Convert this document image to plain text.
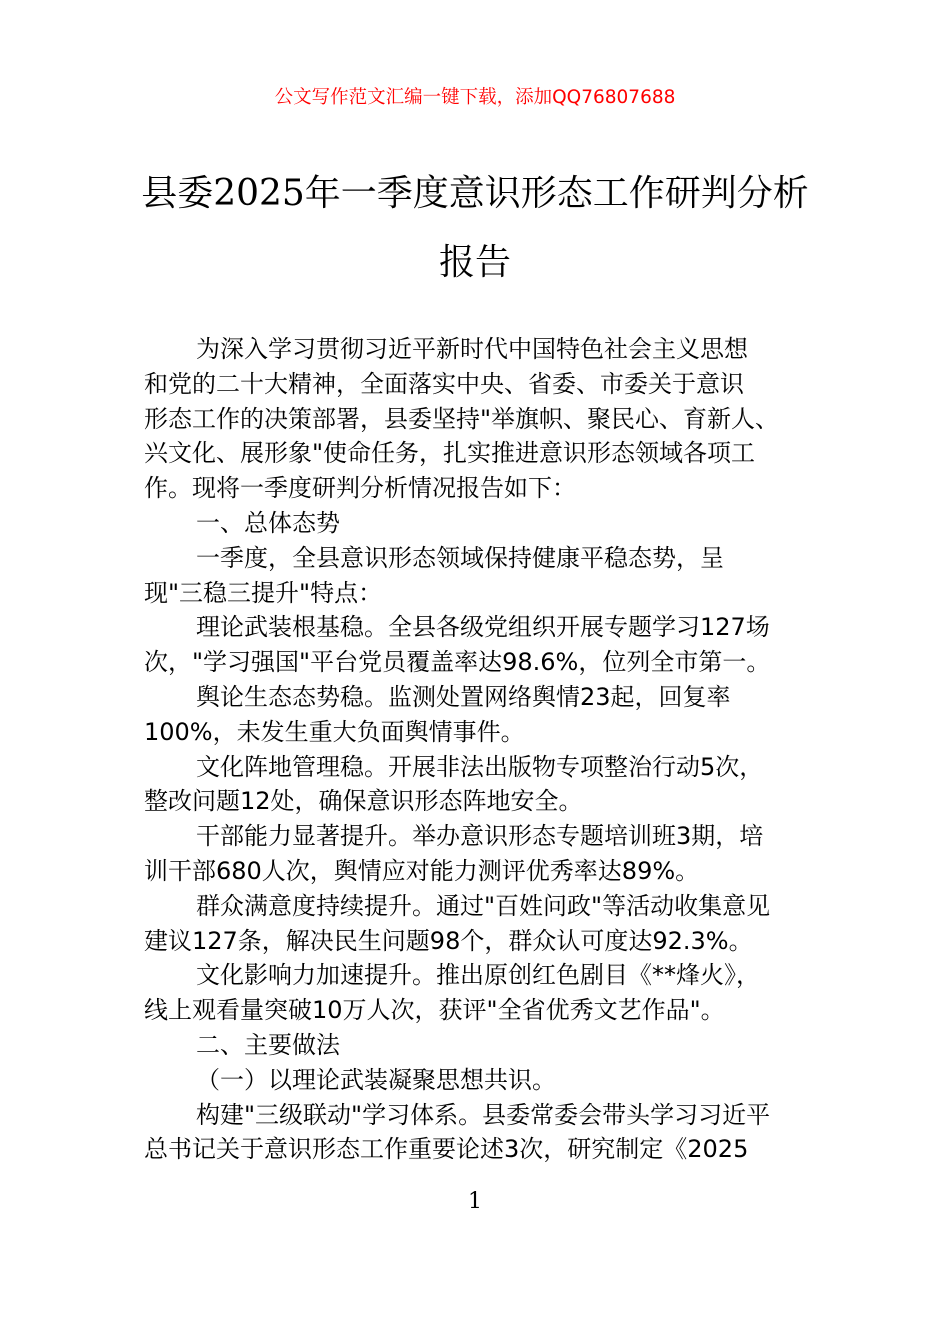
公文写作范文汇编一键下载，添加QQ76807688
县委2025年一季度意识形态工作研判分析
报告
为深入学习贯彻习近平新时代中国特色社会主义思想
和党的二十大精神，全面落实中央、省委、市委关于意识
形态工作的决策部署，县委坚持"举旗帜、聚民心、育新人、
兴文化、展形象"使命任务，扎实推进意识形态领域各项工
作。现将一季度研判分析情况报告如下：
一、总体态势
一季度，全县意识形态领域保持健康平稳态势，呈
现"三稳三提升"特点：
理论武装根基稳。全县各级党组织开展专题学习127场
次，"学习强国"平台党员覆盖率达98.6%，位列全市第一。
舆论生态态势稳。监测处置网络舆情23起，回复率
100%，未发生重大负面舆情事件。
文化阵地管理稳。开展非法出版物专项整治行动5次，
整改问题12处，确保意识形态阵地安全。
干部能力显著提升。举办意识形态专题培训班3期，培
训干部680人次，舆情应对能力测评优秀率达89%。
群众满意度持续提升。通过"百姓问政"等活动收集意见
建议127条，解决民生问题98个，群众认可度达92.3%。
文化影响力加速提升。推出原创红色剧目《**烽火》，
线上观看量突破10万人次，获评"全省优秀文艺作品"。
二、主要做法
（一）以理论武装凝聚思想共识。
构建"三级联动"学习体系。县委常委会带头学习习近平
总书记关于意识形态工作重要论述3次，研究制定《2025
1
